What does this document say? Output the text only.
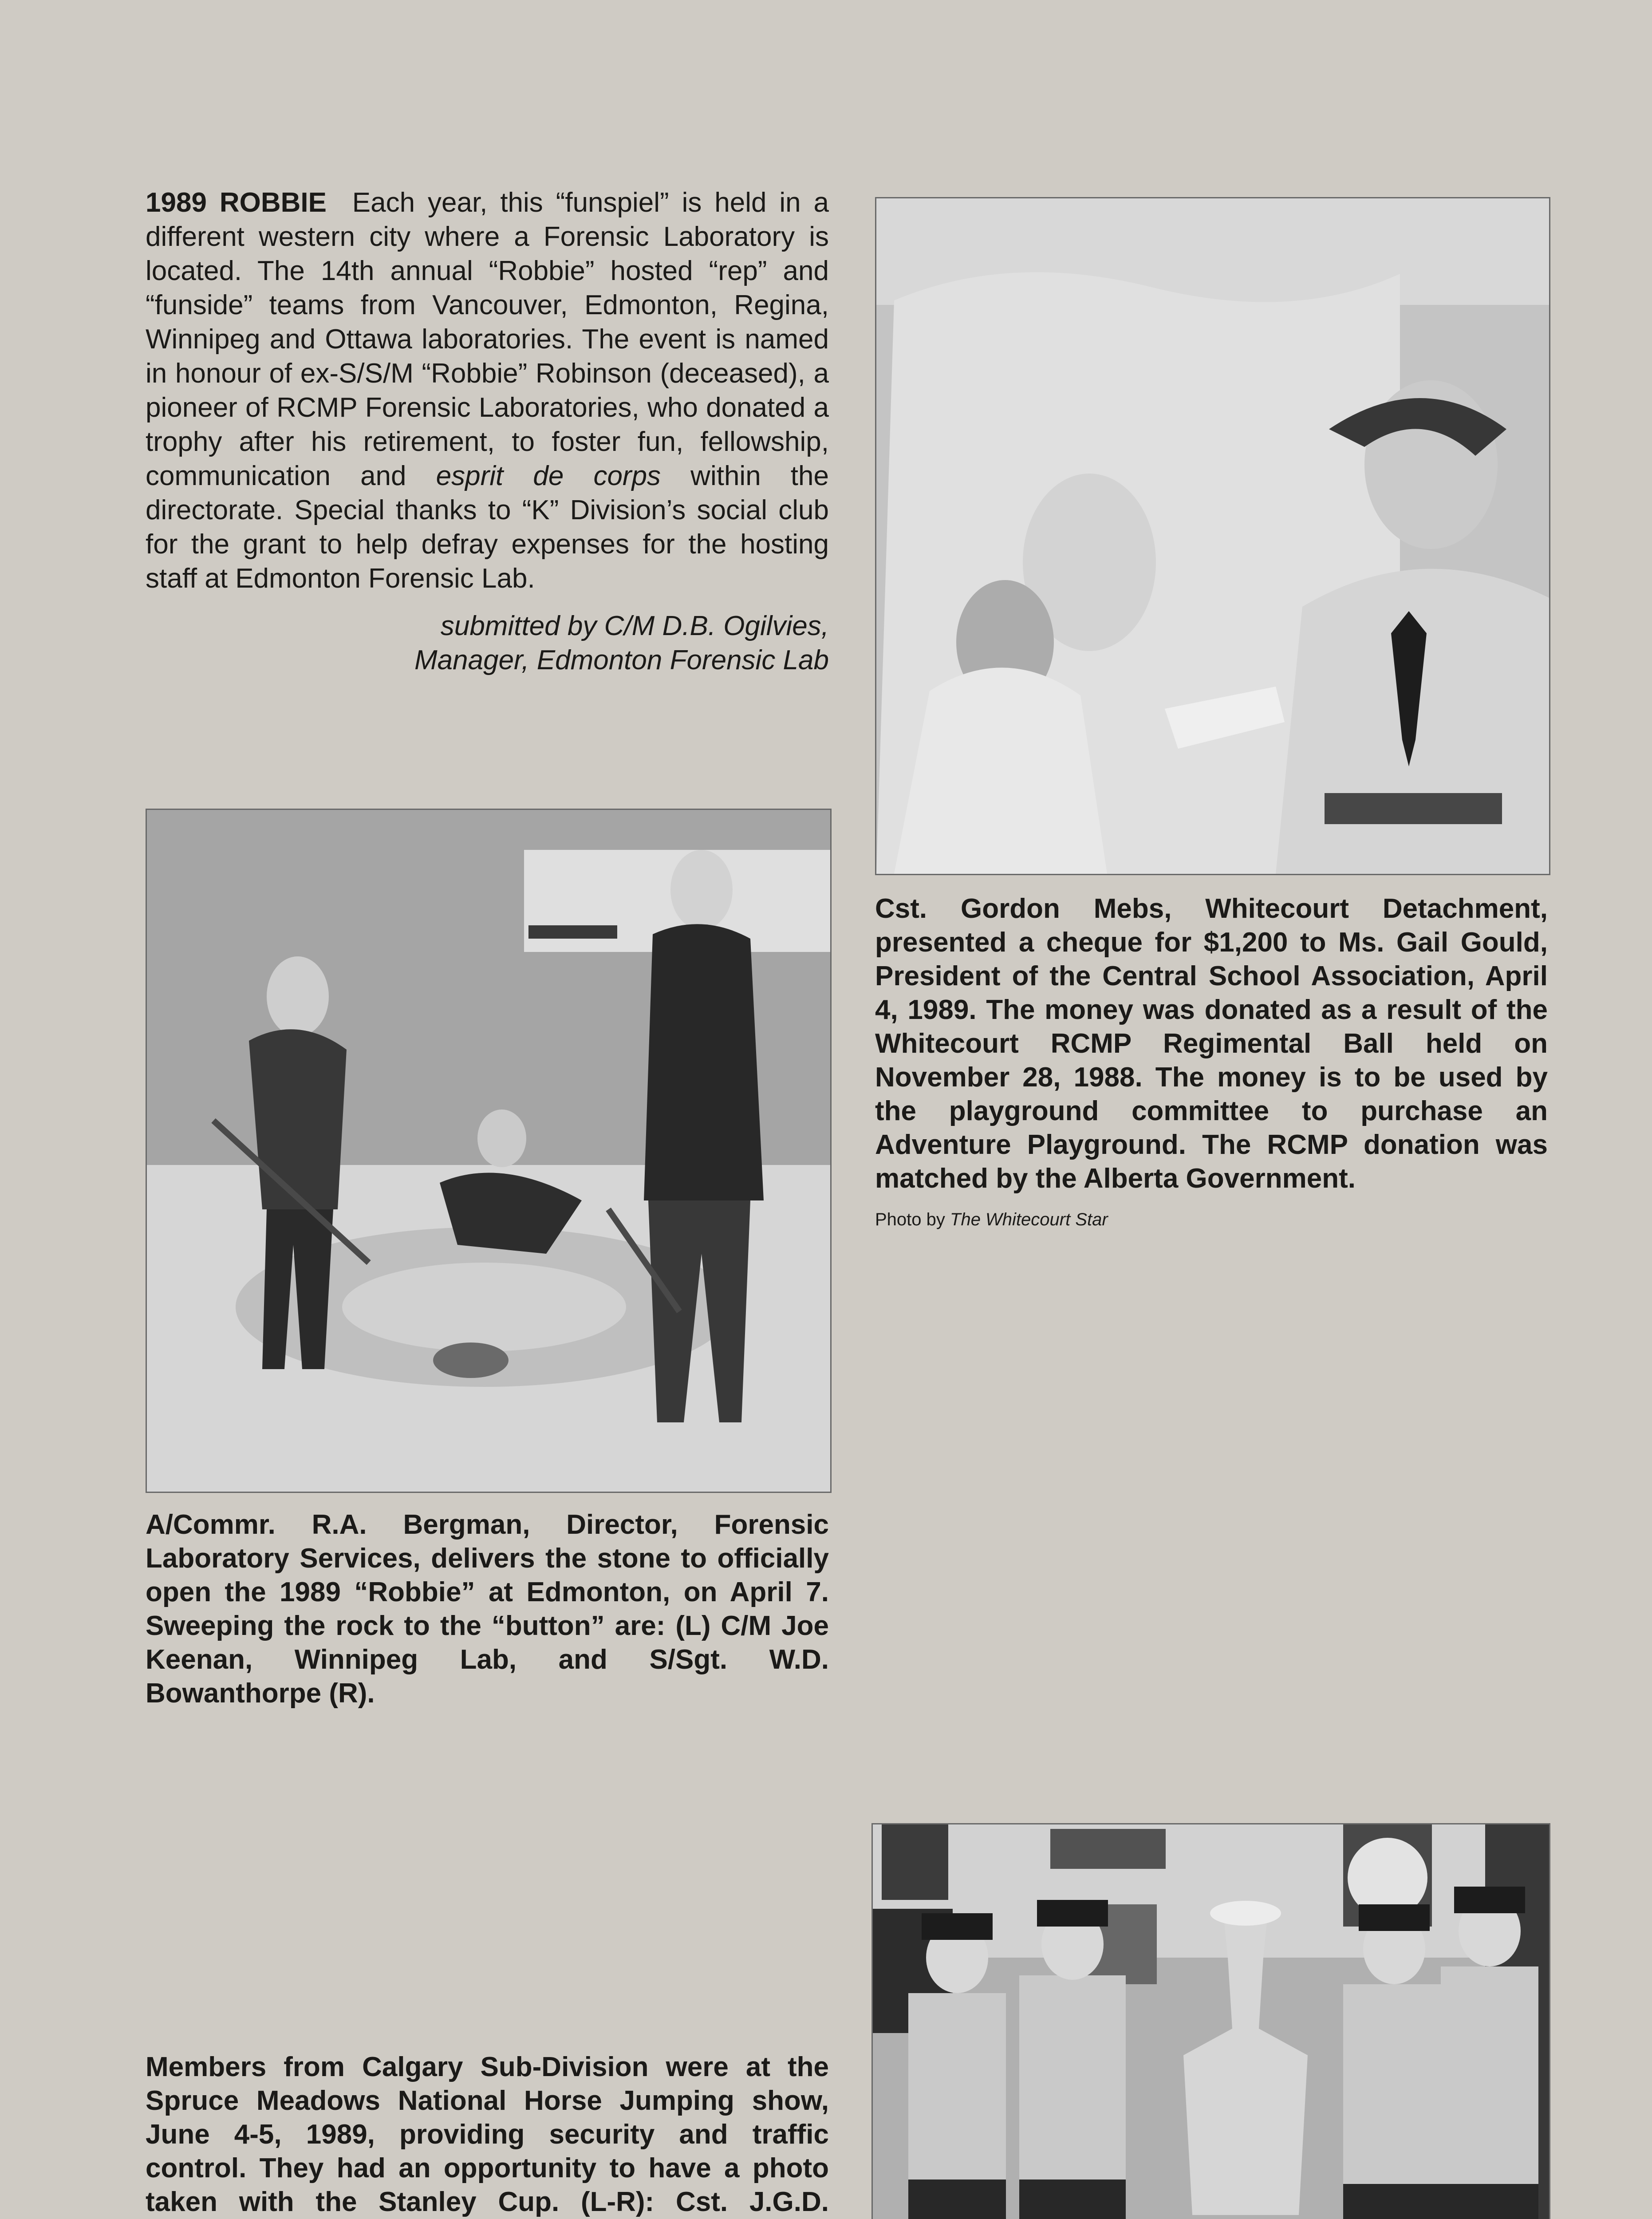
1989 ROBBIE Each year, this “funspiel” is held in a different western city where a Forensic Laboratory is located. The 14th annual “Robbie” hosted “rep” and “funside” teams from Vancouver, Edmonton, Regina, Winnipeg and Ottawa laboratories. The event is named in honour of ex-S/S/M “Robbie” Robinson (deceased), a pioneer of RCMP Forensic Laboratories, who donated a trophy after his retirement, to foster fun, fellowship, communication and esprit de corps within the directorate. Special thanks to “K” Division’s social club for the grant to help defray expenses for the hosting staff at Edmonton Forensic Lab.

submitted by C/M D.B. Ogilvies,

Manager, Edmonton Forensic Lab

Cst. Gordon Mebs, Whitecourt Detachment, presented a cheque for $1,200 to Ms. Gail Gould, President of the Central School Association, April 4, 1989. The money was donated as a result of the Whitecourt RCMP Regimental Ball held on November 28, 1988. The money is to be used by the playground committee to purchase an Adventure Playground. The RCMP donation was matched by the Alberta Government.

Photo by The Whitecourt Star

A/Commr. R.A. Bergman, Director, Forensic Laboratory Services, delivers the stone to officially open the 1989 “Robbie” at Edmonton, on April 7. Sweeping the rock to the “button” are: (L) C/M Joe Keenan, Winnipeg Lab, and S/Sgt. W.D. Bowanthorpe (R).

Members from Calgary Sub-Division were at the Spruce Meadows National Horse Jumping show, June 4-5, 1989, providing security and traffic control. They had an opportunity to have a photo taken with the Stanley Cup. (L-R): Cst. J.G.D.
